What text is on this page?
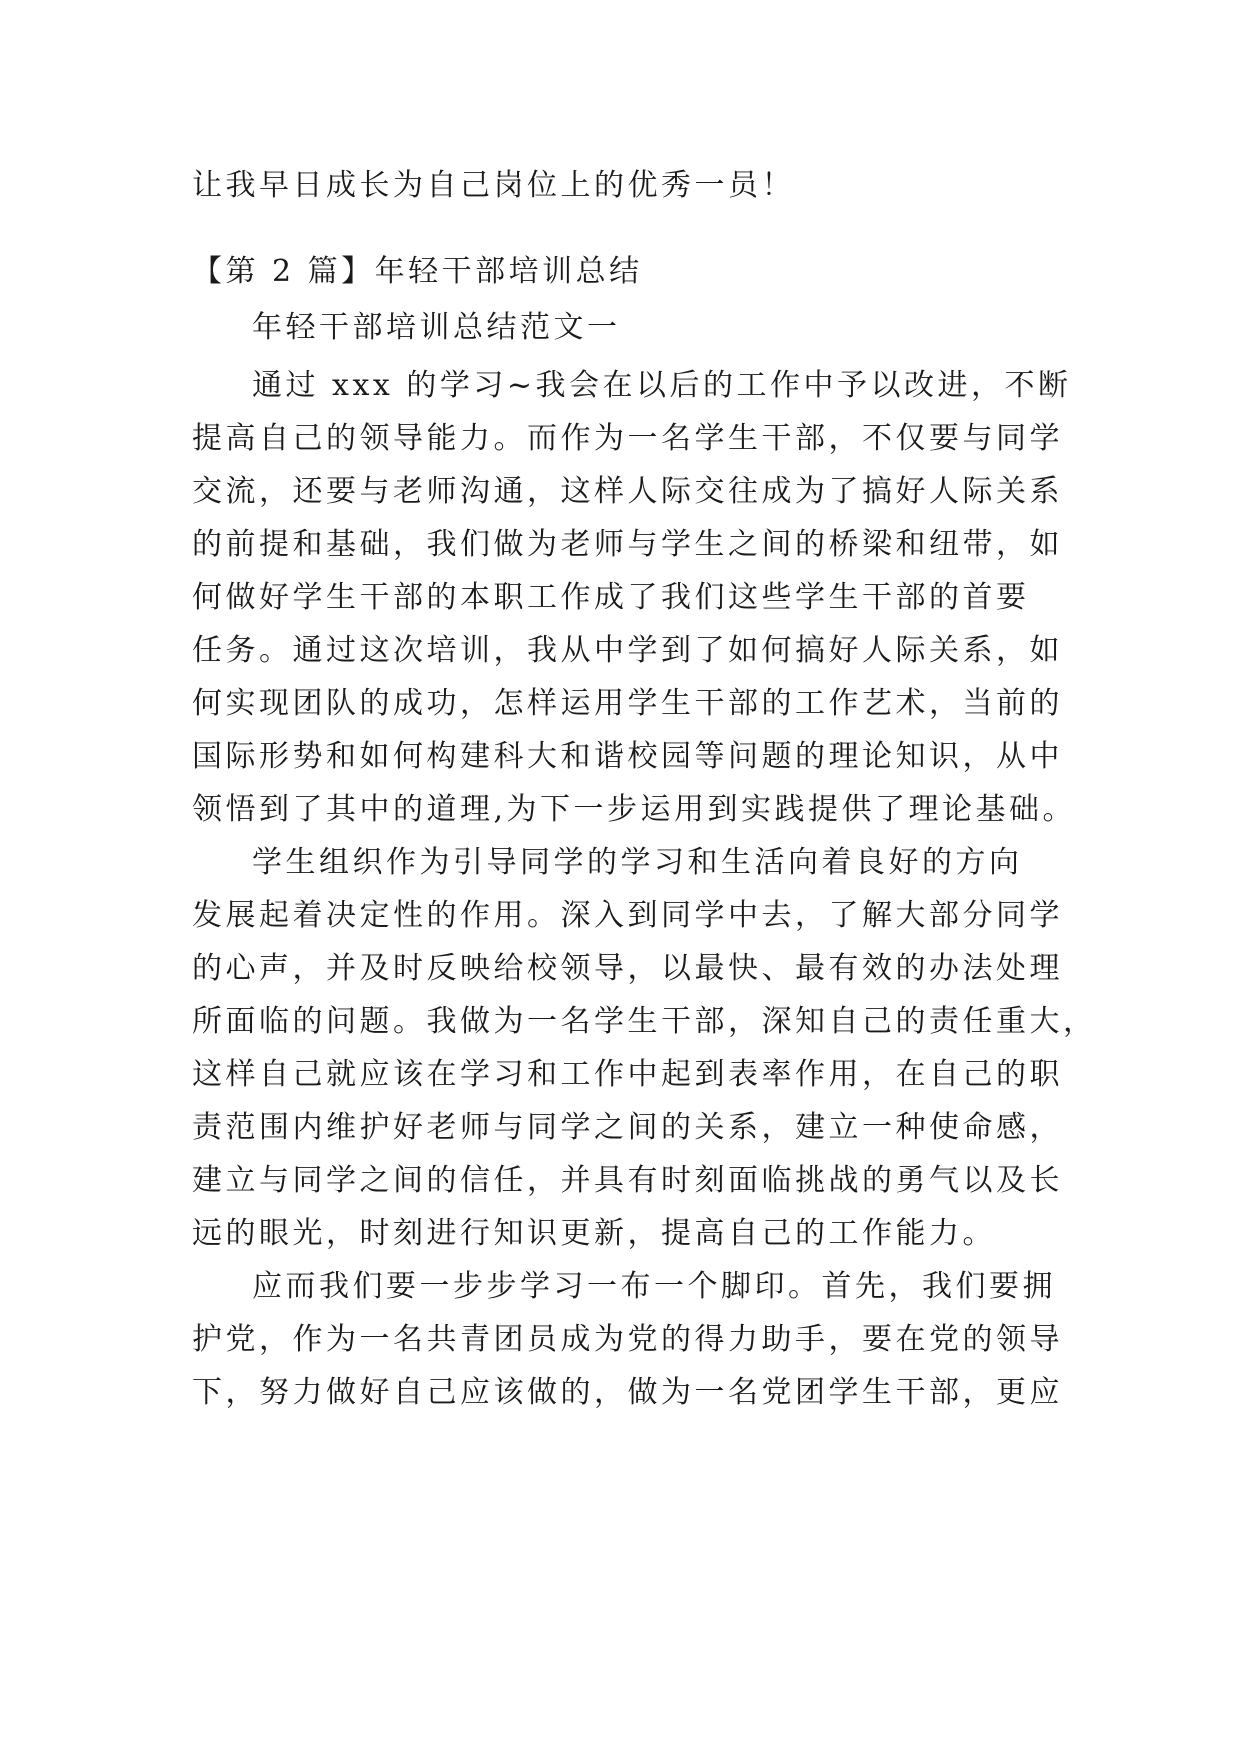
让我早日成长为自己岗位上的优秀一员！
【第 2 篇】年轻干部培训总结
年轻干部培训总结范文一
通过 xxx 的学习~我会在以后的工作中予以改进，不断
提高自己的领导能力。而作为一名学生干部，不仅要与同学
交流，还要与老师沟通，这样人际交往成为了搞好人际关系
的前提和基础，我们做为老师与学生之间的桥梁和纽带，如
何做好学生干部的本职工作成了我们这些学生干部的首要
任务。通过这次培训，我从中学到了如何搞好人际关系，如
何实现团队的成功，怎样运用学生干部的工作艺术，当前的
国际形势和如何构建科大和谐校园等问题的理论知识，从中
领悟到了其中的道理,为下一步运用到实践提供了理论基础。
学生组织作为引导同学的学习和生活向着良好的方向
发展起着决定性的作用。深入到同学中去，了解大部分同学
的心声，并及时反映给校领导，以最快、最有效的办法处理
所面临的问题。我做为一名学生干部，深知自己的责任重大，
这样自己就应该在学习和工作中起到表率作用，在自己的职
责范围内维护好老师与同学之间的关系，建立一种使命感，
建立与同学之间的信任，并具有时刻面临挑战的勇气以及长
远的眼光，时刻进行知识更新，提高自己的工作能力。
应而我们要一步步学习一布一个脚印。首先，我们要拥
护党，作为一名共青团员成为党的得力助手，要在党的领导
下，努力做好自己应该做的，做为一名党团学生干部，更应
